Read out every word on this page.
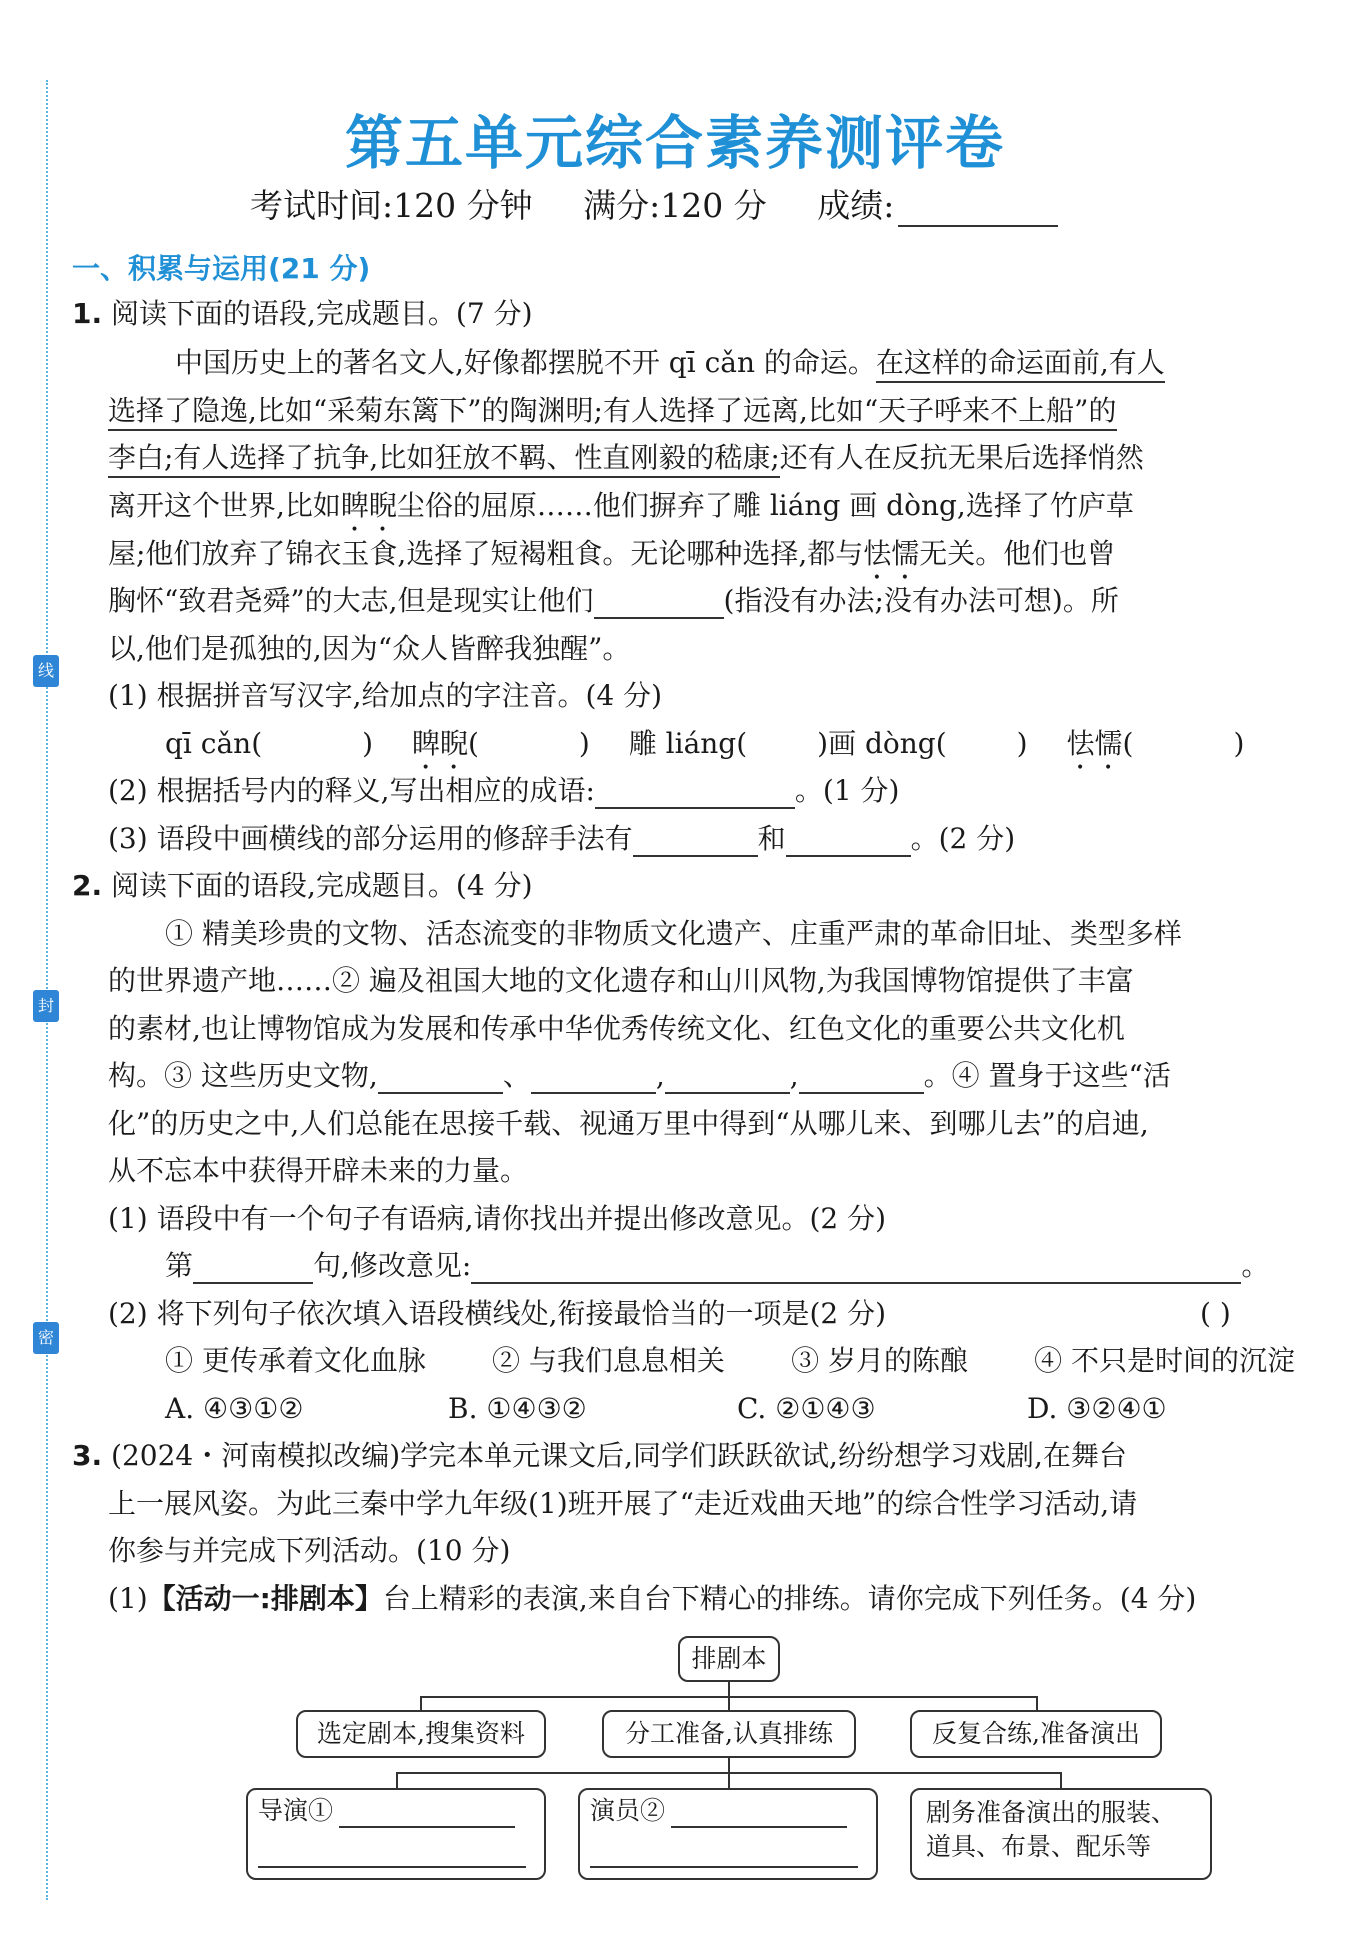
线
封
密
第五单元综合素养测评卷
考试时间:120 分钟 满分:120 分 成绩:
一、积累与运用(21 分)
1. 阅读下面的语段,完成题目。(7 分)
中国历史上的著名文人,好像都摆脱不开 qī cǎn 的命运。在这样的命运面前,有人
选择了隐逸,比如“采菊东篱下”的陶渊明;有人选择了远离,比如“天子呼来不上船”的
李白;有人选择了抗争,比如狂放不羁、性直刚毅的嵇康;还有人在反抗无果后选择悄然
离开这个世界,比如睥睨尘俗的屈原……他们摒弃了雕 liáng 画 dòng,选择了竹庐草
屋;他们放弃了锦衣玉食,选择了短褐粗食。无论哪种选择,都与怯懦无关。他们也曾
胸怀“致君尧舜”的大志,但是现实让他们	(指没有办法;没有办法可想)。所
以,他们是孤独的,因为“众人皆醉我独醒”。
(1) 根据拼音写汉字,给加点的字注音。(4 分)
qī cǎn(	) 睥睨(	) 雕 liáng(	)画 dòng(	) 怯懦(	)
(2) 根据括号内的释义,写出相应的成语:	。(1 分)
(3) 语段中画横线的部分运用的修辞手法有	和	。(2 分)
2. 阅读下面的语段,完成题目。(4 分)
① 精美珍贵的文物、活态流变的非物质文化遗产、庄重严肃的革命旧址、类型多样
的世界遗产地……② 遍及祖国大地的文化遗存和山川风物,为我国博物馆提供了丰富
的素材,也让博物馆成为发展和传承中华优秀传统文化、红色文化的重要公共文化机
构。③ 这些历史文物,	、	,	,	。④ 置身于这些“活
化”的历史之中,人们总能在思接千载、视通万里中得到“从哪儿来、到哪儿去”的启迪,
从不忘本中获得开辟未来的力量。
(1) 语段中有一个句子有语病,请你找出并提出修改意见。(2 分)
第	句,修改意见:	。
(2) 将下列句子依次填入语段横线处,衔接最恰当的一项是(2 分)	( )
① 更传承着文化血脉 ② 与我们息息相关 ③ 岁月的陈酿 ④ 不只是时间的沉淀
A. ④③①②	B. ①④③②	C. ②①④③	D. ③②④①
3. (2024・河南模拟改编)学完本单元课文后,同学们跃跃欲试,纷纷想学习戏剧,在舞台
上一展风姿。为此三秦中学九年级(1)班开展了“走近戏曲天地”的综合性学习活动,请
你参与并完成下列活动。(10 分)
(1)【活动一:排剧本】台上精彩的表演,来自台下精心的排练。请你完成下列任务。(4 分)
排剧本
选定剧本,搜集资料	分工准备,认真排练	反复合练,准备演出
导演①	演员②	剧务准备演出的服装、
道具、布景、配乐等
